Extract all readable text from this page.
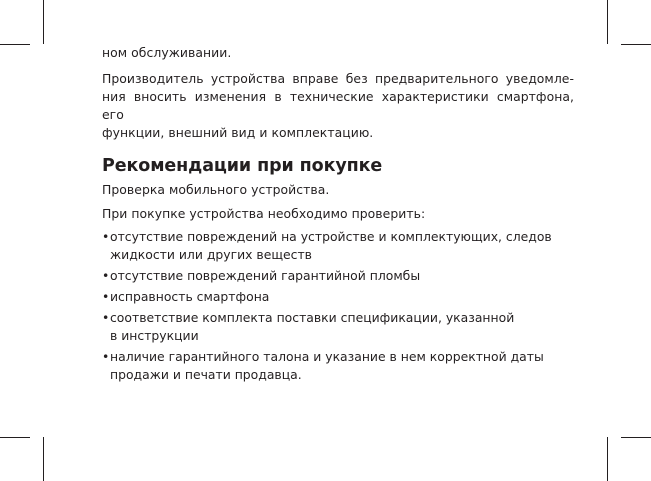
ном обслуживании.

Производитель устройства вправе без предварительного уведомле-
ния вносить изменения в технические характеристики смартфона, его
функции, внешний вид и комплектацию.

Рекомендации при покупке

Проверка мобильного устройства.

При покупке устройства необходимо проверить:

• отсутствие повреждений на устройстве и комплектующих, следов
жидкости или других веществ
• отсутствие повреждений гарантийной пломбы
• исправность смартфона
• соответствие комплекта поставки спецификации, указанной
в инструкции
• наличие гарантийного талона и указание в нем корректной даты
продажи и печати продавца.
